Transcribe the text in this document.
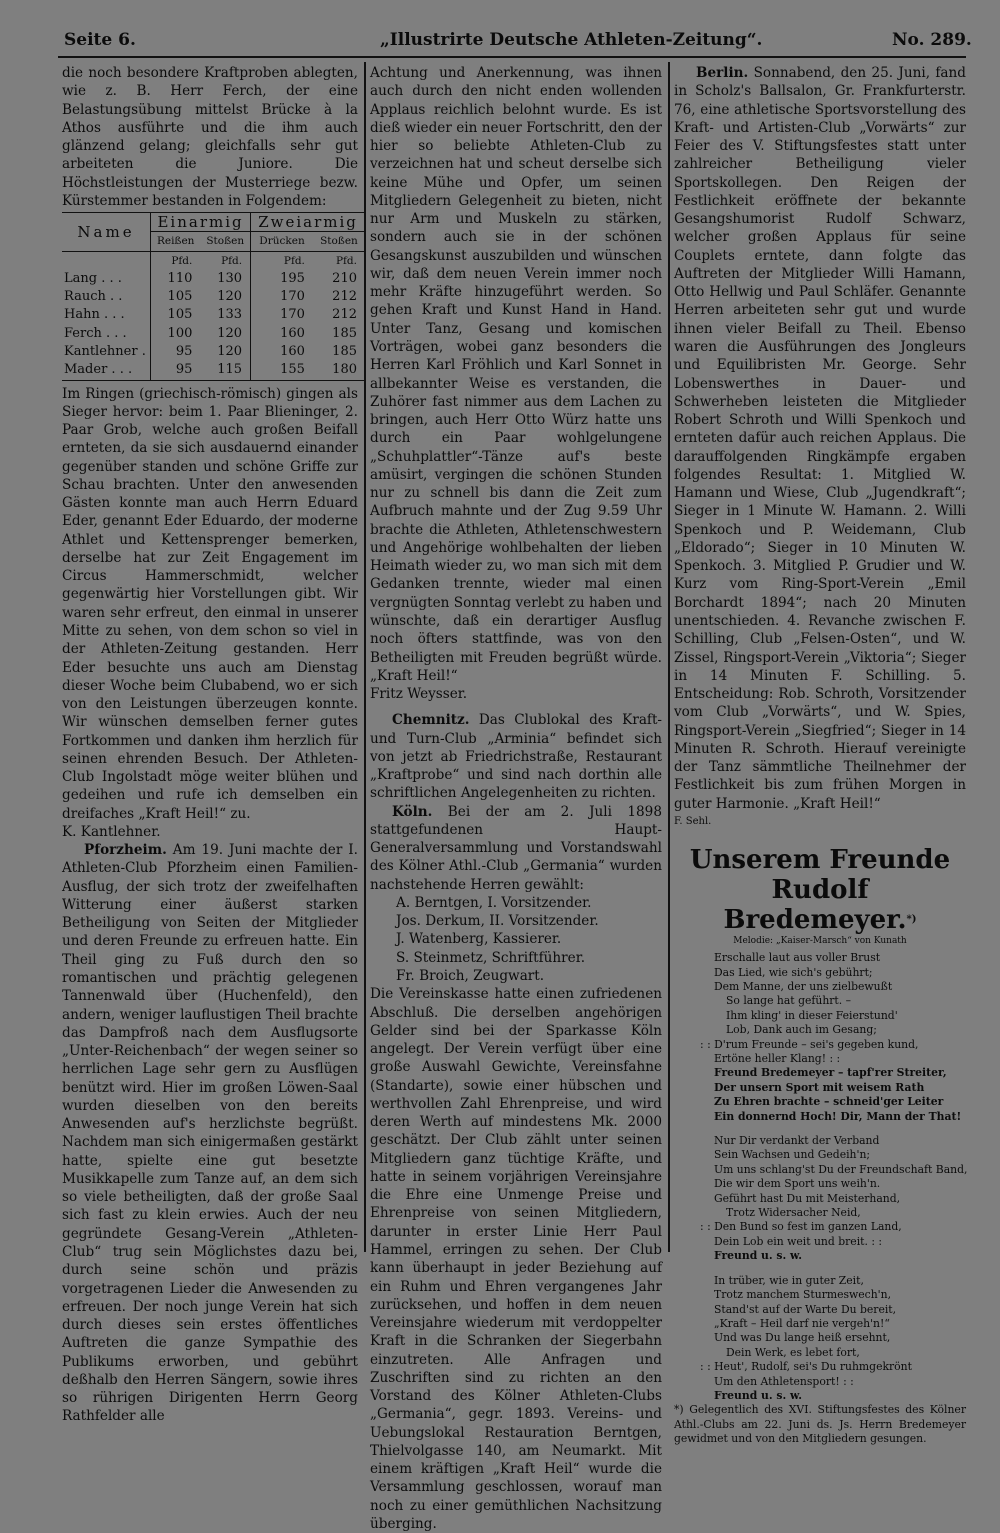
Seite 6.	„Illustrirte Deutsche Athleten-Zeitung“.	No. 289.

die noch besondere Kraftproben ablegten, wie z. B. Herr Ferch, der eine Belastungsübung mittelst Brücke à la Athos ausführte und die ihm auch glänzend gelang; gleichfalls sehr gut arbeiteten die Juniore. Die Höchstleistungen der Musterriege bezw. Kürstemmer bestanden in Folgendem:

Name	Einarmig		Zweiarmig	
	Reißen	Stoßen	Drücken	Stoßen
	Pfd.	Pfd.	Pfd.	Pfd.
Lang . . .	110	130	195	210
Rauch . .	105	120	170	212
Hahn . . .	105	133	170	212
Ferch . . .	100	120	160	185
Kantlehner .	95	120	160	185
Mader . . .	95	115	155	180

Im Ringen (griechisch-römisch) gingen als Sieger hervor: beim 1. Paar Blieninger, 2. Paar Grob, welche auch großen Beifall ernteten, da sie sich ausdauernd einander gegenüber standen und schöne Griffe zur Schau brachten. Unter den anwesenden Gästen konnte man auch Herrn Eduard Eder, genannt Eder Eduardo, der moderne Athlet und Kettensprenger bemerken, derselbe hat zur Zeit Engagement im Circus Hammerschmidt, welcher gegenwärtig hier Vorstellungen gibt. Wir waren sehr erfreut, den einmal in unserer Mitte zu sehen, von dem schon so viel in der Athleten-Zeitung gestanden. Herr Eder besuchte uns auch am Dienstag dieser Woche beim Clubabend, wo er sich von den Leistungen überzeugen konnte. Wir wünschen demselben ferner gutes Fortkommen und danken ihm herzlich für seinen ehrenden Besuch. Der Athleten-Club Ingolstadt möge weiter blühen und gedeihen und rufe ich demselben ein dreifaches „Kraft Heil!“ zu.

K. Kantlehner.

Pforzheim. Am 19. Juni machte der I. Athleten-Club Pforzheim einen Familien-Ausflug, der sich trotz der zweifelhaften Witterung einer äußerst starken Betheiligung von Seiten der Mitglieder und deren Freunde zu erfreuen hatte. Ein Theil ging zu Fuß durch den so romantischen und prächtig gelegenen Tannenwald über (Huchenfeld), den andern, weniger lauflustigen Theil brachte das Dampfroß nach dem Ausflugsorte „Unter-Reichenbach“ der wegen seiner so herrlichen Lage sehr gern zu Ausflügen benützt wird. Hier im großen Löwen-Saal wurden dieselben von den bereits Anwesenden auf's herzlichste begrüßt. Nachdem man sich einigermaßen gestärkt hatte, spielte eine gut besetzte Musikkapelle zum Tanze auf, an dem sich so viele betheiligten, daß der große Saal sich fast zu klein erwies. Auch der neu gegründete Gesang-Verein „Athleten-Club“ trug sein Möglichstes dazu bei, durch seine schön und präzis vorgetragenen Lieder die Anwesenden zu erfreuen. Der noch junge Verein hat sich durch dieses sein erstes öffentliches Auftreten die ganze Sympathie des Publikums erworben, und gebührt deßhalb den Herren Sängern, sowie ihres so rührigen Dirigenten Herrn Georg Rathfelder alle

Achtung und Anerkennung, was ihnen auch durch den nicht enden wollenden Applaus reichlich belohnt wurde. Es ist dieß wieder ein neuer Fortschritt, den der hier so beliebte Athleten-Club zu verzeichnen hat und scheut derselbe sich keine Mühe und Opfer, um seinen Mitgliedern Gelegenheit zu bieten, nicht nur Arm und Muskeln zu stärken, sondern auch sie in der schönen Gesangskunst auszubilden und wünschen wir, daß dem neuen Verein immer noch mehr Kräfte hinzugeführt werden. So gehen Kraft und Kunst Hand in Hand. Unter Tanz, Gesang und komischen Vorträgen, wobei ganz besonders die Herren Karl Fröhlich und Karl Sonnet in allbekannter Weise es verstanden, die Zuhörer fast nimmer aus dem Lachen zu bringen, auch Herr Otto Würz hatte uns durch ein Paar wohlgelungene „Schuhplattler“-Tänze auf's beste amüsirt, vergingen die schönen Stunden nur zu schnell bis dann die Zeit zum Aufbruch mahnte und der Zug 9.59 Uhr brachte die Athleten, Athletenschwestern und Angehörige wohlbehalten der lieben Heimath wieder zu, wo man sich mit dem Gedanken trennte, wieder mal einen vergnügten Sonntag verlebt zu haben und wünschte, daß ein derartiger Ausflug noch öfters stattfinde, was von den Betheiligten mit Freuden begrüßt würde. „Kraft Heil!“

Fritz Weysser.

Chemnitz. Das Clublokal des Kraft- und Turn-Club „Arminia“ befindet sich von jetzt ab Friedrichstraße, Restaurant „Kraftprobe“ und sind nach dorthin alle schriftlichen Angelegenheiten zu richten.

Köln. Bei der am 2. Juli 1898 stattgefundenen Haupt-Generalversammlung und Vorstandswahl des Kölner Athl.-Club „Germania“ wurden nachstehende Herren gewählt:

A. Berntgen, I. Vorsitzender.

Jos. Derkum, II. Vorsitzender.

J. Watenberg, Kassierer.

S. Steinmetz, Schriftführer.

Fr. Broich, Zeugwart.

Die Vereinskasse hatte einen zufriedenen Abschluß. Die derselben angehörigen Gelder sind bei der Sparkasse Köln angelegt. Der Verein verfügt über eine große Auswahl Gewichte, Vereinsfahne (Standarte), sowie einer hübschen und werthvollen Zahl Ehrenpreise, und wird deren Werth auf mindestens Mk. 2000 geschätzt. Der Club zählt unter seinen Mitgliedern ganz tüchtige Kräfte, und hatte in seinem vorjährigen Vereinsjahre die Ehre eine Unmenge Preise und Ehrenpreise von seinen Mitgliedern, darunter in erster Linie Herr Paul Hammel, erringen zu sehen. Der Club kann überhaupt in jeder Beziehung auf ein Ruhm und Ehren vergangenes Jahr zurücksehen, und hoffen in dem neuen Vereinsjahre wiederum mit verdoppelter Kraft in die Schranken der Siegerbahn einzutreten. Alle Anfragen und Zuschriften sind zu richten an den Vorstand des Kölner Athleten-Clubs „Germania“, gegr. 1893. Vereins- und Uebungslokal Restauration Berntgen, Thielvolgasse 140, am Neumarkt. Mit einem kräftigen „Kraft Heil“ wurde die Versammlung geschlossen, worauf man noch zu einer gemüthlichen Nachsitzung überging.

Berlin. Sonnabend, den 25. Juni, fand in Scholz's Ballsalon, Gr. Frankfurterstr. 76, eine athletische Sportsvorstellung des Kraft- und Artisten-Club „Vorwärts“ zur Feier des V. Stiftungsfestes statt unter zahlreicher Betheiligung vieler Sportskollegen. Den Reigen der Festlichkeit eröffnete der bekannte Gesangshumorist Rudolf Schwarz, welcher großen Applaus für seine Couplets erntete, dann folgte das Auftreten der Mitglieder Willi Hamann, Otto Hellwig und Paul Schläfer. Genannte Herren arbeiteten sehr gut und wurde ihnen vieler Beifall zu Theil. Ebenso waren die Ausführungen des Jongleurs und Equilibristen Mr. George. Sehr Lobenswerthes in Dauer- und Schwerheben leisteten die Mitglieder Robert Schroth und Willi Spenkoch und ernteten dafür auch reichen Applaus. Die darauffolgenden Ringkämpfe ergaben folgendes Resultat: 1. Mitglied W. Hamann und Wiese, Club „Jugendkraft“; Sieger in 1 Minute W. Hamann. 2. Willi Spenkoch und P. Weidemann, Club „Eldorado“; Sieger in 10 Minuten W. Spenkoch. 3. Mitglied P. Grudier und W. Kurz vom Ring-Sport-Verein „Emil Borchardt 1894“; nach 20 Minuten unentschieden. 4. Revanche zwischen F. Schilling, Club „Felsen-Osten“, und W. Zissel, Ringsport-Verein „Viktoria“; Sieger in 14 Minuten F. Schilling. 5. Entscheidung: Rob. Schroth, Vorsitzender vom Club „Vorwärts“, und W. Spies, Ringsport-Verein „Siegfried“; Sieger in 14 Minuten R. Schroth. Hierauf vereinigte der Tanz sämmtliche Theilnehmer der Festlichkeit bis zum frühen Morgen in guter Harmonie. „Kraft Heil!“

F. Sehl.

Unserem Freunde
Rudolf Bredemeyer.*)
Melodie: „Kaiser-Marsch“ von Kunath
Erschalle laut aus voller Brust
Das Lied, wie sich's gebührt;
Dem Manne, der uns zielbewußt
So lange hat geführt. –
Ihm kling' in dieser Feierstund'
Lob, Dank auch im Gesang;
: : D'rum Freunde – sei's gegeben kund,
Ertöne heller Klang! : :
Freund Bredemeyer – tapf'rer Streiter,
Der unsern Sport mit weisem Rath
Zu Ehren brachte – schneid'ger Leiter
Ein donnernd Hoch! Dir, Mann der That!
Nur Dir verdankt der Verband
Sein Wachsen und Gedeih'n;
Um uns schlang'st Du der Freundschaft Band,
Die wir dem Sport uns weih'n.
Geführt hast Du mit Meisterhand,
Trotz Widersacher Neid,
: : Den Bund so fest im ganzen Land,
Dein Lob ein weit und breit. : :
Freund u. s. w.
In trüber, wie in guter Zeit,
Trotz manchem Sturmeswech'n,
Stand'st auf der Warte Du bereit,
„Kraft – Heil darf nie vergeh'n!“
Und was Du lange heiß ersehnt,
Dein Werk, es lebet fort,
: : Heut', Rudolf, sei's Du ruhmgekrönt
Um den Athletensport! : :
Freund u. s. w.

*) Gelegentlich des XVI. Stiftungsfestes des Kölner Athl.-Clubs am 22. Juni ds. Js. Herrn Bredemeyer gewidmet und von den Mitgliedern gesungen.
